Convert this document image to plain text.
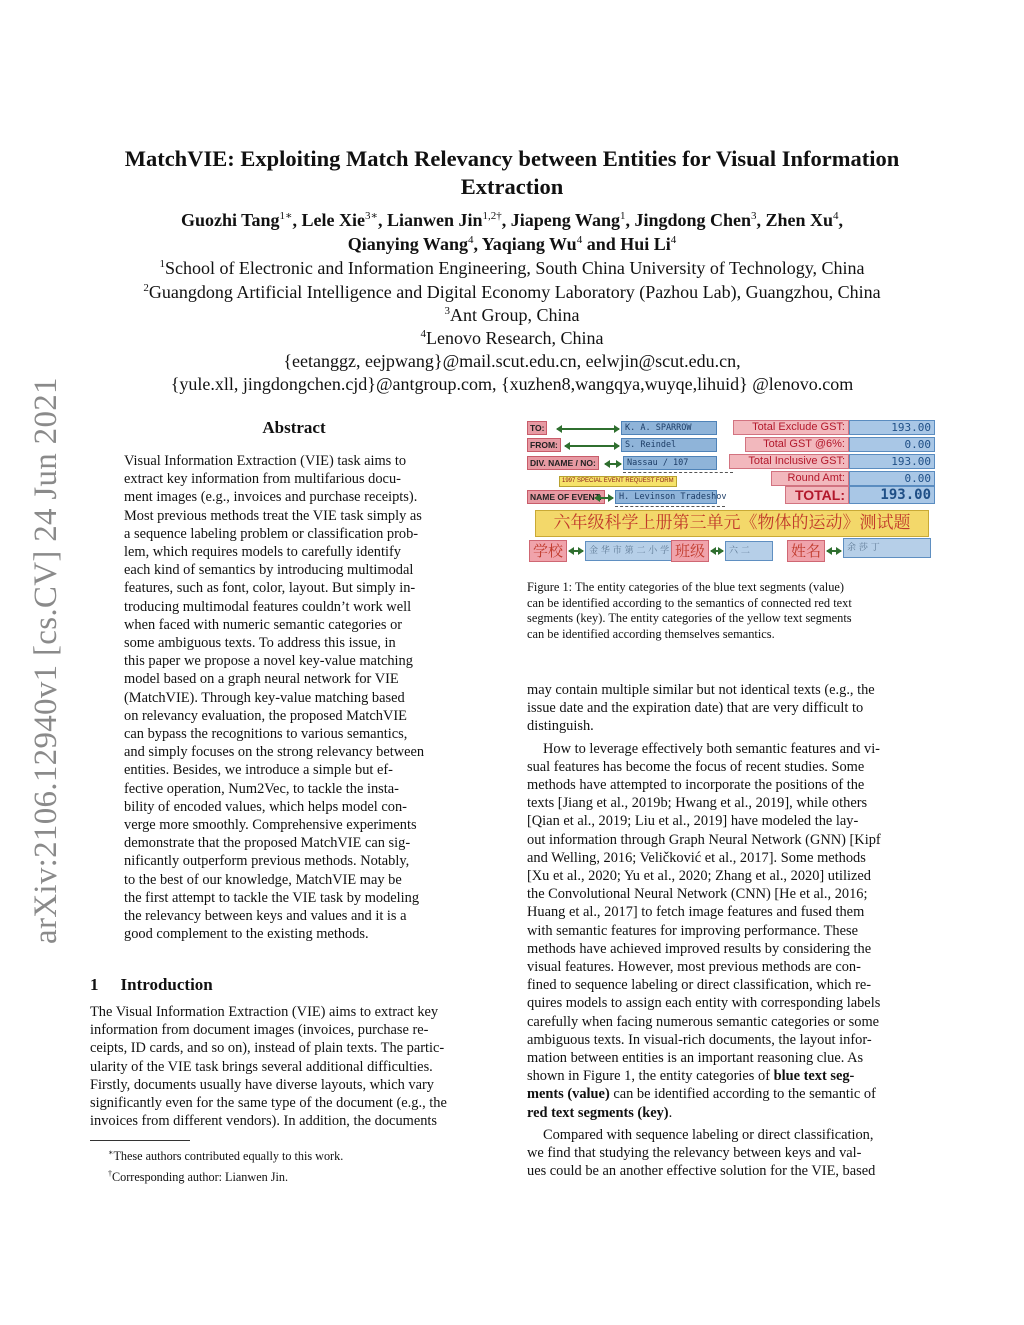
arXiv:2106.12940v1 [cs.CV] 24 Jun 2021
MatchVIE: Exploiting Match Relevancy between Entities for Visual Information
Extraction
Guozhi Tang$^{1∗}$, Lele Xie$^{3∗}$, Lianwen Jin$^{1,2\dagger}$, Jiapeng Wang$^1$, Jingdong Chen$^3$, Zhen Xu$^4$,
Qianying Wang$^4$, Yaqiang Wu$^4$ and Hui Li$^4$
$^1$School of Electronic and Information Engineering, South China University of Technology, China
$^2$Guangdong Artificial Intelligence and Digital Economy Laboratory (Pazhou Lab), Guangzhou, China
$^3$Ant Group, China
$^4$Lenovo Research, China
{eetanggz, eejpwang}@mail.scut.edu.cn, eelwjin@scut.edu.cn,
{yule.xll, jingdongchen.cjd}@antgroup.com, {xuzhen8,wangqya,wuyqe,lihuid} @lenovo.com
Abstract
Visual Information Extraction (VIE) task aims to
extract key information from multifarious docu-
ment images (e.g., invoices and purchase receipts).
Most previous methods treat the VIE task simply as
a sequence labeling problem or classification prob-
lem, which requires models to carefully identify
each kind of semantics by introducing multimodal
features, such as font, color, layout. But simply in-
troducing multimodal features couldn’t work well
when faced with numeric semantic categories or
some ambiguous texts. To address this issue, in
this paper we propose a novel key-value matching
model based on a graph neural network for VIE
(MatchVIE). Through key-value matching based
on relevancy evaluation, the proposed MatchVIE
can bypass the recognitions to various semantics,
and simply focuses on the strong relevancy between
entities. Besides, we introduce a simple but ef-
fective operation, Num2Vec, to tackle the insta-
bility of encoded values, which helps model con-
verge more smoothly. Comprehensive experiments
demonstrate that the proposed MatchVIE can sig-
nificantly outperform previous methods. Notably,
to the best of our knowledge, MatchVIE may be
the first attempt to tackle the VIE task by modeling
the relevancy between keys and values and it is a
good complement to the existing methods.
1 Introduction
The Visual Information Extraction (VIE) aims to extract key
information from document images (invoices, purchase re-
ceipts, ID cards, and so on), instead of plain texts. The partic-
ularity of the VIE task brings several additional difficulties.
Firstly, documents usually have diverse layouts, which vary
significantly even for the same type of the document (e.g., the
invoices from different vendors). In addition, the documents
∗These authors contributed equally to this work.
†Corresponding author: Lianwen Jin.
TO:	K. A. SPARROW
FROM:	S. Reindel
DIV. NAME / NO:	Nassau / 107
1997 SPECIAL EVENT REQUEST FORM
NAME OF EVENT:	H. Levinson Tradeshov
Total Exclude GST:	193.00
Total GST @6%:	0.00
Total Inclusive GST:	193.00
Round Amt:	0.00
TOTAL:	193.00
六年级科学上册第三单元《物体的运动》测试题
学校	金 华 市 第 二 小 学 班级	六 二	姓名	余 莎 丁
Figure 1: The entity categories of the blue text segments (value)
can be identified according to the semantics of connected red text
segments (key). The entity categories of the yellow text segments
can be identified according themselves semantics.
may contain multiple similar but not identical texts (e.g., the
issue date and the expiration date) that are very difficult to
distinguish.
How to leverage effectively both semantic features and vi-
sual features has become the focus of recent studies. Some
methods have attempted to incorporate the positions of the
texts [Jiang et al., 2019b; Hwang et al., 2019], while others
[Qian et al., 2019; Liu et al., 2019] have modeled the lay-
out information through Graph Neural Network (GNN) [Kipf
and Welling, 2016; Veličković et al., 2017]. Some methods
[Xu et al., 2020; Yu et al., 2020; Zhang et al., 2020] utilized
the Convolutional Neural Network (CNN) [He et al., 2016;
Huang et al., 2017] to fetch image features and fused them
with semantic features for improving performance. These
methods have achieved improved results by considering the
visual features. However, most previous methods are con-
fined to sequence labeling or direct classification, which re-
quires models to assign each entity with corresponding labels
carefully when facing numerous semantic categories or some
ambiguous texts. In visual-rich documents, the layout infor-
mation between entities is an important reasoning clue. As
shown in Figure 1, the entity categories of blue text seg-
ments (value) can be identified according to the semantic of
red text segments (key).
Compared with sequence labeling or direct classification,
we find that studying the relevancy between keys and val-
ues could be an another effective solution for the VIE, based
